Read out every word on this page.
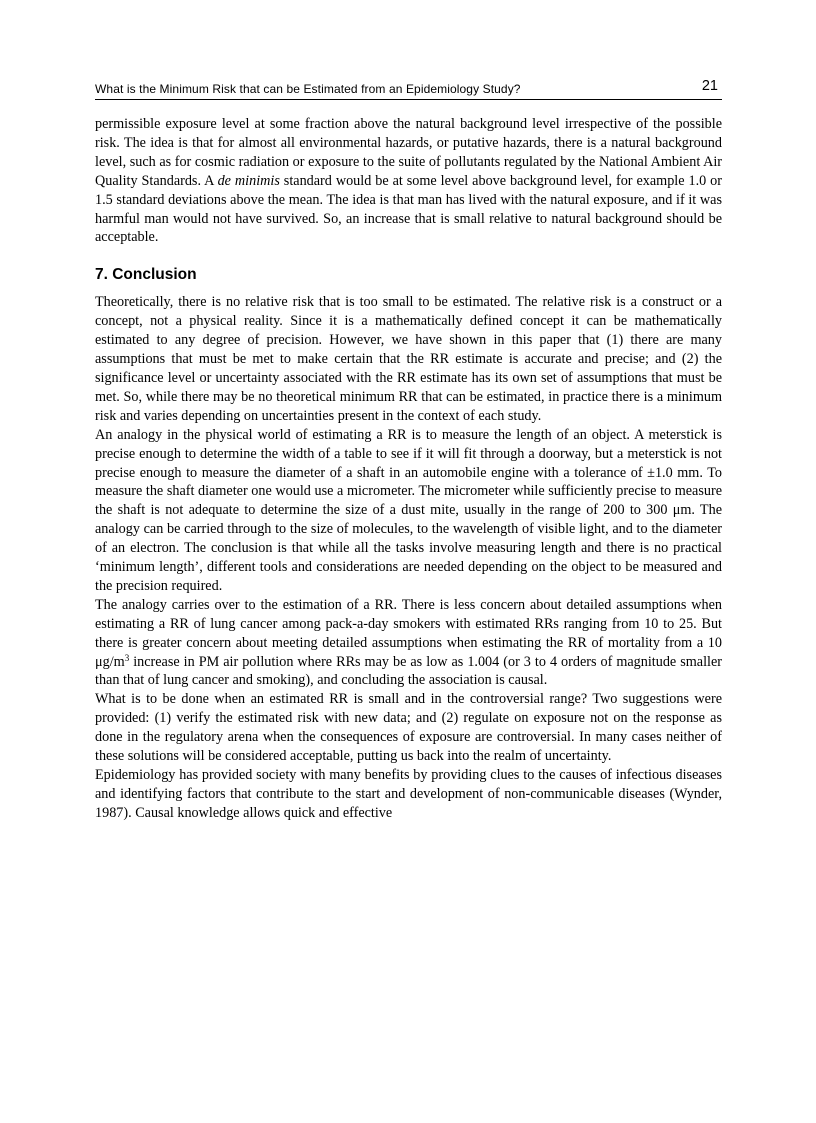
What is the Minimum Risk that can be Estimated from an Epidemiology Study?	21

permissible exposure level at some fraction above the natural background level irrespective of the possible risk. The idea is that for almost all environmental hazards, or putative hazards, there is a natural background level, such as for cosmic radiation or exposure to the suite of pollutants regulated by the National Ambient Air Quality Standards. A de minimis standard would be at some level above background level, for example 1.0 or 1.5 standard deviations above the mean. The idea is that man has lived with the natural exposure, and if it was harmful man would not have survived. So, an increase that is small relative to natural background should be acceptable.

7. Conclusion

Theoretically, there is no relative risk that is too small to be estimated. The relative risk is a construct or a concept, not a physical reality. Since it is a mathematically defined concept it can be mathematically estimated to any degree of precision. However, we have shown in this paper that (1) there are many assumptions that must be met to make certain that the RR estimate is accurate and precise; and (2) the significance level or uncertainty associated with the RR estimate has its own set of assumptions that must be met. So, while there may be no theoretical minimum RR that can be estimated, in practice there is a minimum risk and varies depending on uncertainties present in the context of each study.

An analogy in the physical world of estimating a RR is to measure the length of an object. A meterstick is precise enough to determine the width of a table to see if it will fit through a doorway, but a meterstick is not precise enough to measure the diameter of a shaft in an automobile engine with a tolerance of ±1.0 mm. To measure the shaft diameter one would use a micrometer. The micrometer while sufficiently precise to measure the shaft is not adequate to determine the size of a dust mite, usually in the range of 200 to 300 μm. The analogy can be carried through to the size of molecules, to the wavelength of visible light, and to the diameter of an electron. The conclusion is that while all the tasks involve measuring length and there is no practical ‘minimum length’, different tools and considerations are needed depending on the object to be measured and the precision required.

The analogy carries over to the estimation of a RR. There is less concern about detailed assumptions when estimating a RR of lung cancer among pack-a-day smokers with estimated RRs ranging from 10 to 25. But there is greater concern about meeting detailed assumptions when estimating the RR of mortality from a 10 $\mu g/m^3$ increase in PM air pollution where RRs may be as low as 1.004 (or 3 to 4 orders of magnitude smaller than that of lung cancer and smoking), and concluding the association is causal.

What is to be done when an estimated RR is small and in the controversial range? Two suggestions were provided: (1) verify the estimated risk with new data; and (2) regulate on exposure not on the response as done in the regulatory arena when the consequences of exposure are controversial. In many cases neither of these solutions will be considered acceptable, putting us back into the realm of uncertainty.

Epidemiology has provided society with many benefits by providing clues to the causes of infectious diseases and identifying factors that contribute to the start and development of non-communicable diseases (Wynder, 1987). Causal knowledge allows quick and effective
